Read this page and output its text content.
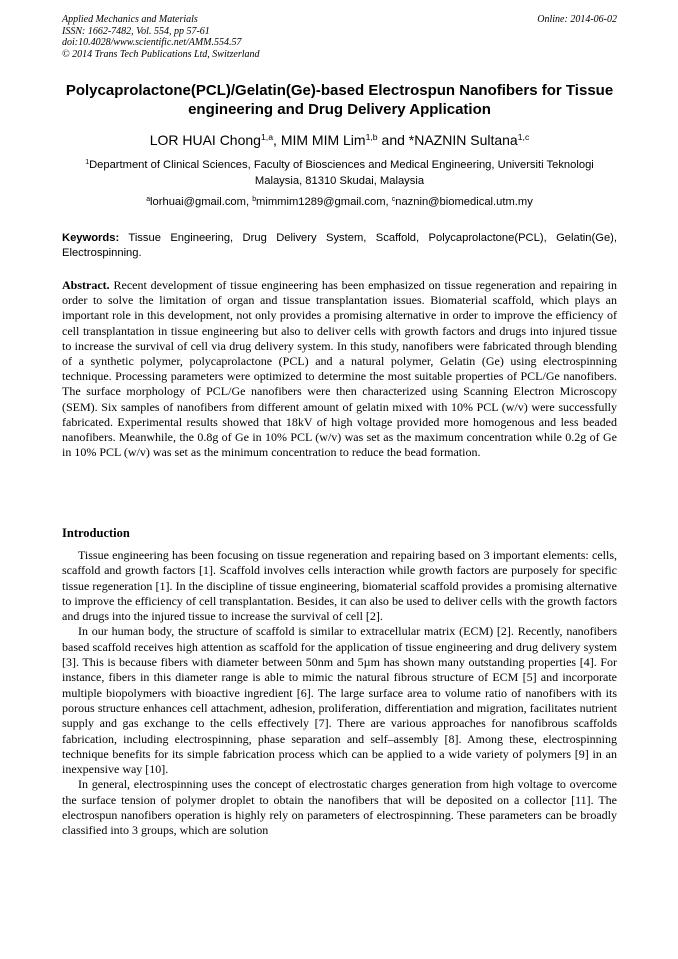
Applied Mechanics and Materials
ISSN: 1662-7482, Vol. 554, pp 57-61
doi:10.4028/www.scientific.net/AMM.554.57
© 2014 Trans Tech Publications Ltd, Switzerland
Online: 2014-06-02
Polycaprolactone(PCL)/Gelatin(Ge)-based Electrospun Nanofibers for Tissue engineering and Drug Delivery Application
LOR HUAI Chong$^{1,a}$, MIM MIM Lim$^{1,b}$ and *NAZNIN Sultana$^{1,c}$
$^1$Department of Clinical Sciences, Faculty of Biosciences and Medical Engineering, Universiti Teknologi Malaysia, 81310 Skudai, Malaysia
$^a$lorhuai@gmail.com, $^b$mimmim1289@gmail.com, $^c$naznin@biomedical.utm.my
Keywords: Tissue Engineering, Drug Delivery System, Scaffold, Polycaprolactone(PCL), Gelatin(Ge), Electrospinning.
Abstract. Recent development of tissue engineering has been emphasized on tissue regeneration and repairing in order to solve the limitation of organ and tissue transplantation issues. Biomaterial scaffold, which plays an important role in this development, not only provides a promising alternative in order to improve the efficiency of cell transplantation in tissue engineering but also to deliver cells with growth factors and drugs into injured tissue to increase the survival of cell via drug delivery system. In this study, nanofibers were fabricated through blending of a synthetic polymer, polycaprolactone (PCL) and a natural polymer, Gelatin (Ge) using electrospinning technique. Processing parameters were optimized to determine the most suitable properties of PCL/Ge nanofibers. The surface morphology of PCL/Ge nanofibers were then characterized using Scanning Electron Microscopy (SEM). Six samples of nanofibers from different amount of gelatin mixed with 10% PCL (w/v) were successfully fabricated. Experimental results showed that 18kV of high voltage provided more homogenous and less beaded nanofibers. Meanwhile, the 0.8g of Ge in 10% PCL (w/v) was set as the maximum concentration while 0.2g of Ge in 10% PCL (w/v) was set as the minimum concentration to reduce the bead formation.
Introduction

Tissue engineering has been focusing on tissue regeneration and repairing based on 3 important elements: cells, scaffold and growth factors [1]. Scaffold involves cells interaction while growth factors are purposely for specific tissue regeneration [1]. In the discipline of tissue engineering, biomaterial scaffold provides a promising alternative to improve the efficiency of cell transplantation. Besides, it can also be used to deliver cells with the growth factors and drugs into the injured tissue to increase the survival of cell [2].

In our human body, the structure of scaffold is similar to extracellular matrix (ECM) [2]. Recently, nanofibers based scaffold receives high attention as scaffold for the application of tissue engineering and drug delivery system [3]. This is because fibers with diameter between 50nm and 5µm has shown many outstanding properties [4]. For instance, fibers in this diameter range is able to mimic the natural fibrous structure of ECM [5] and incorporate multiple biopolymers with bioactive ingredient [6]. The large surface area to volume ratio of nanofibers with its porous structure enhances cell attachment, adhesion, proliferation, differentiation and migration, facilitates nutrient supply and gas exchange to the cells effectively [7]. There are various approaches for nanofibrous scaffolds fabrication, including electrospinning, phase separation and self–assembly [8]. Among these, electrospinning technique benefits for its simple fabrication process which can be applied to a wide variety of polymers [9] in an inexpensive way [10].

In general, electrospinning uses the concept of electrostatic charges generation from high voltage to overcome the surface tension of polymer droplet to obtain the nanofibers that will be deposited on a collector [11]. The electrospun nanofibers operation is highly rely on parameters of electrospinning. These parameters can be broadly classified into 3 groups, which are solution
